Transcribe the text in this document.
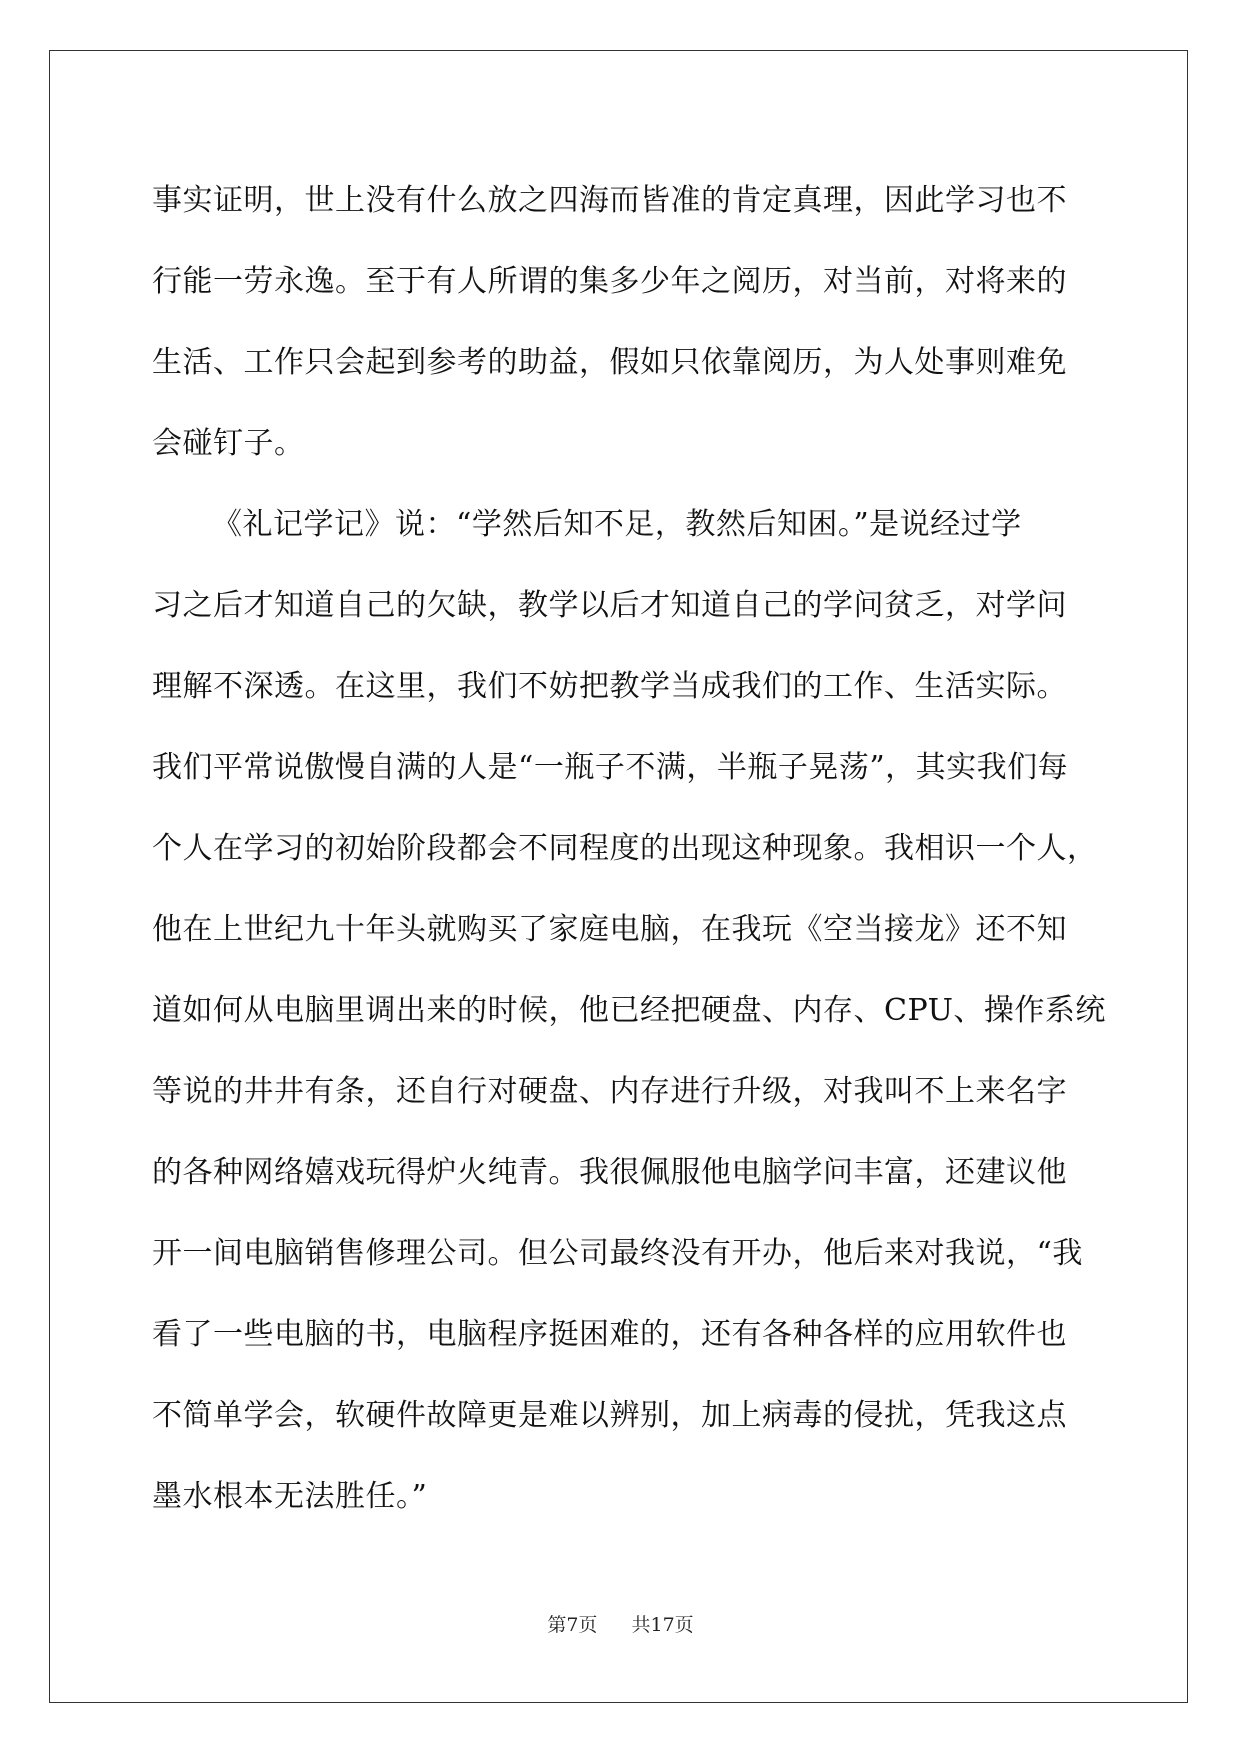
事实证明，世上没有什么放之四海而皆准的肯定真理，因此学习也不
行能一劳永逸。至于有人所谓的集多少年之阅历，对当前，对将来的
生活、工作只会起到参考的助益，假如只依靠阅历，为人处事则难免
会碰钉子。
《礼记学记》说：“学然后知不足，教然后知困。”是说经过学
习之后才知道自己的欠缺，教学以后才知道自己的学问贫乏，对学问
理解不深透。在这里，我们不妨把教学当成我们的工作、生活实际。
我们平常说傲慢自满的人是“一瓶子不满，半瓶子晃荡”，其实我们每
个人在学习的初始阶段都会不同程度的出现这种现象。我相识一个人，
他在上世纪九十年头就购买了家庭电脑，在我玩《空当接龙》还不知
道如何从电脑里调出来的时候，他已经把硬盘、内存、CPU、操作系统
等说的井井有条，还自行对硬盘、内存进行升级，对我叫不上来名字
的各种网络嬉戏玩得炉火纯青。我很佩服他电脑学问丰富，还建议他
开一间电脑销售修理公司。但公司最终没有开办，他后来对我说，“我
看了一些电脑的书，电脑程序挺困难的，还有各种各样的应用软件也
不简单学会，软硬件故障更是难以辨别，加上病毒的侵扰，凭我这点
墨水根本无法胜任。”
第7页 共17页
